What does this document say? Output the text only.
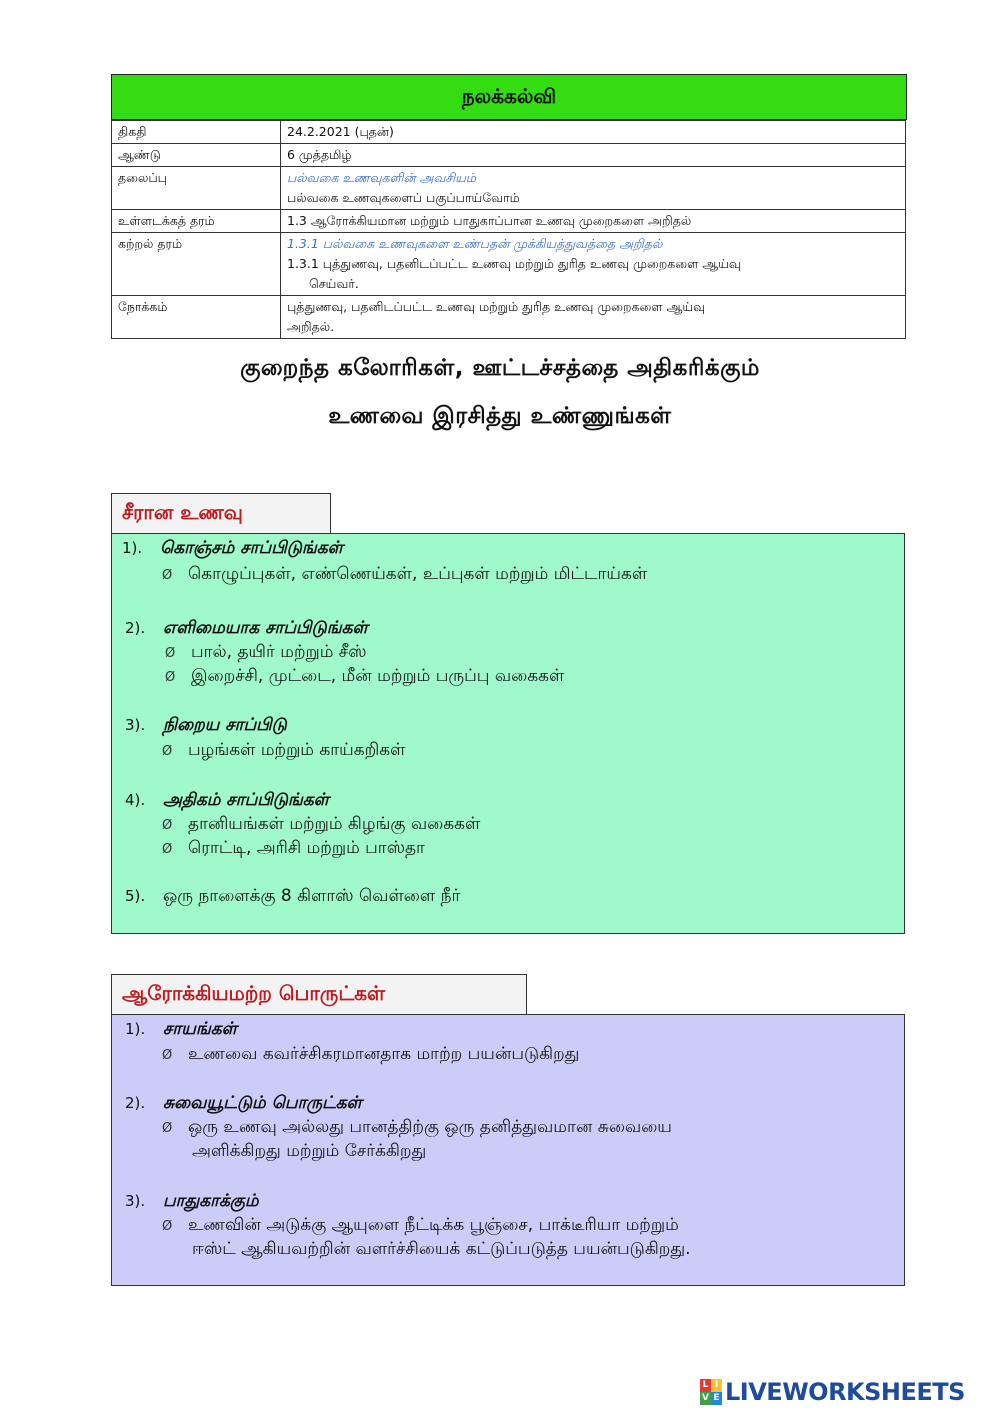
நலக்கல்வி
திகதி	24.2.2021 (புதன்)
ஆண்டு	6 முத்தமிழ்
தலைப்பு	பல்வகை உணவுகளின் அவசியம்
பல்வகை உணவுகளைப் பகுப்பாய்வோம்

உள்ளடக்கத் தரம்	1.3 ஆரோக்கியமான மற்றும் பாதுகாப்பான உணவு முறைகளை அறிதல்
கற்றல் தரம்	1.3.1 பல்வகை உணவுகளை உண்பதன் முக்கியத்துவத்தை அறிதல்
1.3.1 புத்துணவு, பதனிடப்பட்ட உணவு மற்றும் துரித உணவு முறைகளை ஆய்வு
செய்வர்.

நோக்கம்	புத்துணவு, பதனிடப்பட்ட உணவு மற்றும் துரித உணவு முறைகளை ஆய்வு
அறிதல்.
குறைந்த கலோரிகள், ஊட்டச்சத்தை அதிகரிக்கும்
உணவை இரசித்து உண்ணுங்கள்
சீரான உணவு
1). கொஞ்சம் சாப்பிடுங்கள்
Ø கொழுப்புகள், எண்ணெய்கள், உப்புகள் மற்றும் மிட்டாய்கள்
2). எளிமையாக சாப்பிடுங்கள்
Ø பால், தயிர் மற்றும் சீஸ்
Ø இறைச்சி, முட்டை, மீன் மற்றும் பருப்பு வகைகள்
3). நிறைய சாப்பிடு
Ø பழங்கள் மற்றும் காய்கறிகள்
4). அதிகம் சாப்பிடுங்கள்
Ø தானியங்கள் மற்றும் கிழங்கு வகைகள்
Ø ரொட்டி, அரிசி மற்றும் பாஸ்தா
5). ஒரு நாளைக்கு 8 கிளாஸ் வெள்ளை நீர்
ஆரோக்கியமற்ற பொருட்கள்
1). சாயங்கள்
Ø உணவை கவர்ச்சிகரமானதாக மாற்ற பயன்படுகிறது
2). சுவையூட்டும் பொருட்கள்
Ø ஒரு உணவு அல்லது பானத்திற்கு ஒரு தனித்துவமான சுவையை
அளிக்கிறது மற்றும் சேர்க்கிறது
3). பாதுகாக்கும்
Ø உணவின் அடுக்கு ஆயுளை நீட்டிக்க பூஞ்சை, பாக்டீரியா மற்றும்
ஈஸ்ட் ஆகியவற்றின் வளர்ச்சியைக் கட்டுப்படுத்த பயன்படுகிறது.
L I
V E LIVEWORKSHEETS
